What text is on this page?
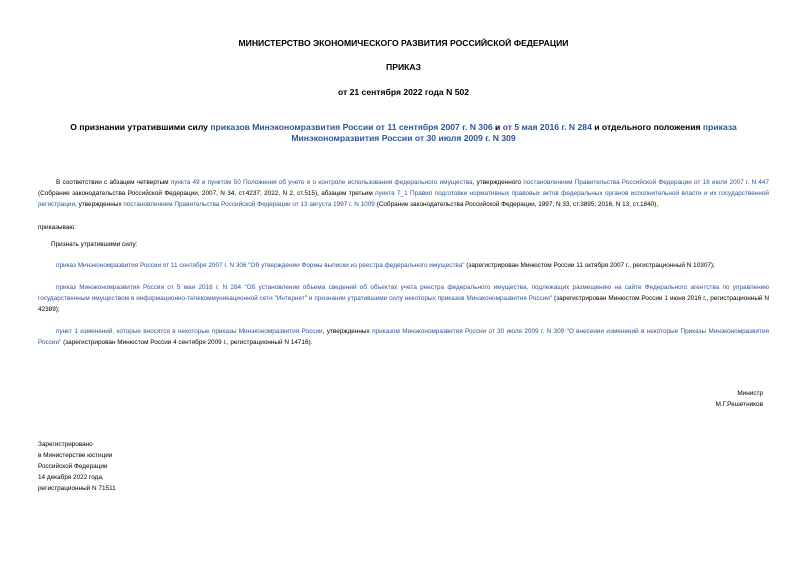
МИНИСТЕРСТВО ЭКОНОМИЧЕСКОГО РАЗВИТИЯ РОССИЙСКОЙ ФЕДЕРАЦИИ

ПРИКАЗ

от 21 сентября 2022 года N 502

О признании утратившими силу приказов Минэкономразвития России от 11 сентября 2007 г. N 306 и от 5 мая 2016 г. N 284 и отдельного положения приказа Минэкономразвития России от 30 июля 2009 г. N 309

В соответствии с абзацем четвертым пункта 49 и пунктом 50 Положения об учете и о контроле использования федерального имущества, утвержденного постановлением Правительства Российской Федерации от 16 июля 2007 г. N 447 (Собрание законодательства Российской Федерации, 2007, N 34, ст.4237; 2022, N 2, ст.515), абзацем третьим пункта 7_1 Правил подготовки нормативных правовых актов федеральных органов исполнительной власти и их государственной регистрации, утвержденных постановлением Правительства Российской Федерации от 13 августа 1997 г. N 1009 (Собрание законодательства Российской Федерации, 1997, N 33, ст.3895; 2016, N 13, ст.1840),

приказываю:

Признать утратившими силу:

приказ Минэкономразвития России от 11 сентября 2007 г. N 306 "Об утверждении Формы выписки из реестра федерального имущества" (зарегистрирован Минюстом России 11 октября 2007 г., регистрационный N 10307);

приказ Минэкономразвития России от 5 мая 2016 г. N 284 "Об установлении объема сведений об объектах учета реестра федерального имущества, подлежащих размещению на сайте Федерального агентства по управлению государственным имуществом в информационно-телекоммуникационной сети "Интернет" и признании утратившими силу некоторых приказов Минэкономразвития России" (зарегистрирован Минюстом России 1 июня 2016 г., регистрационный N 42389);

пункт 1 изменений, которые вносятся в некоторые приказы Минэкономразвития России, утвержденных приказом Минэкономразвития России от 30 июля 2009 г. N 309 "О внесении изменений в некоторые Приказы Минэкономразвития России" (зарегистрирован Минюстом России 4 сентября 2009 г., регистрационный N 14716).

Министр
М.Г.Решетников
Зарегистрировано
в Министерстве юстиции
Российской Федерации
14 декабря 2022 года,
регистрационный N 71511
